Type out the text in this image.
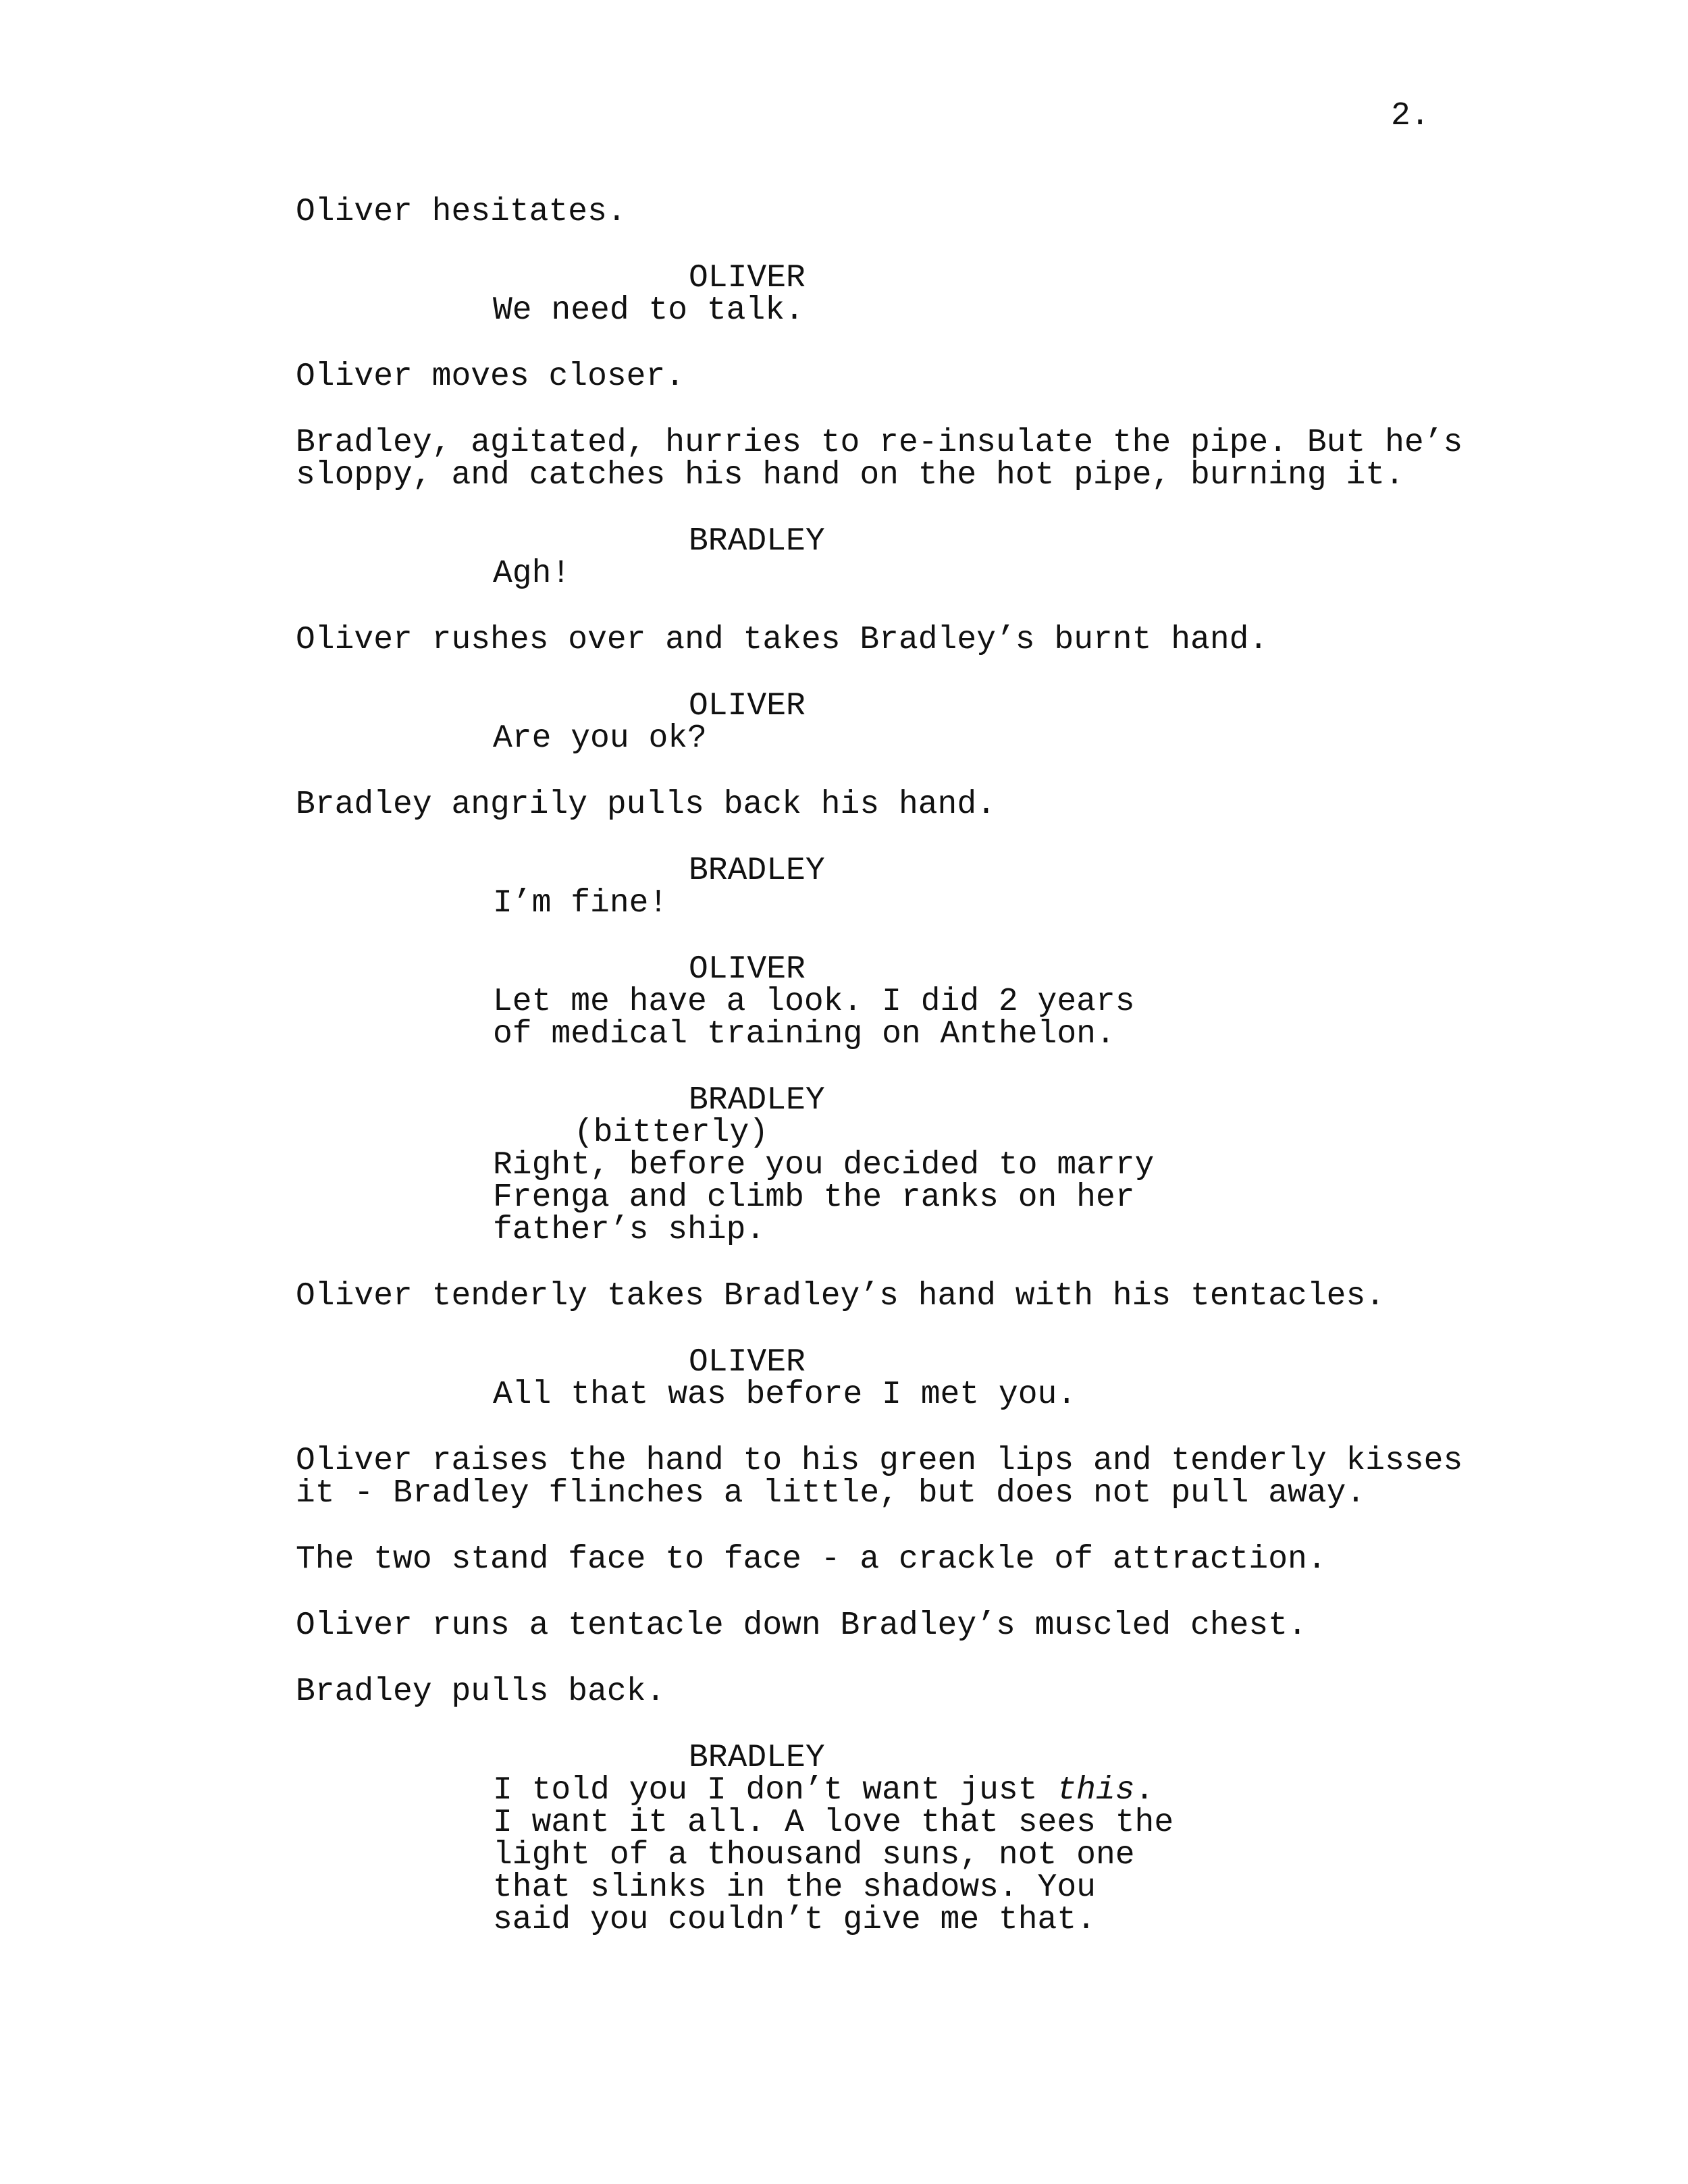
2.
Oliver hesitates.
OLIVER
We need to talk.
Oliver moves closer.
Bradley, agitated, hurries to re-insulate the pipe. But he’s
sloppy, and catches his hand on the hot pipe, burning it.
BRADLEY
Agh!
Oliver rushes over and takes Bradley’s burnt hand.
OLIVER
Are you ok?
Bradley angrily pulls back his hand.
BRADLEY
I’m fine!
OLIVER
Let me have a look. I did 2 years
of medical training on Anthelon.
BRADLEY
(bitterly)
Right, before you decided to marry
Frenga and climb the ranks on her
father’s ship.
Oliver tenderly takes Bradley’s hand with his tentacles.
OLIVER
All that was before I met you.
Oliver raises the hand to his green lips and tenderly kisses
it - Bradley flinches a little, but does not pull away.
The two stand face to face - a crackle of attraction.
Oliver runs a tentacle down Bradley’s muscled chest.
Bradley pulls back.
BRADLEY
I told you I don’t want just this.
I want it all. A love that sees the
light of a thousand suns, not one
that slinks in the shadows. You
said you couldn’t give me that.
